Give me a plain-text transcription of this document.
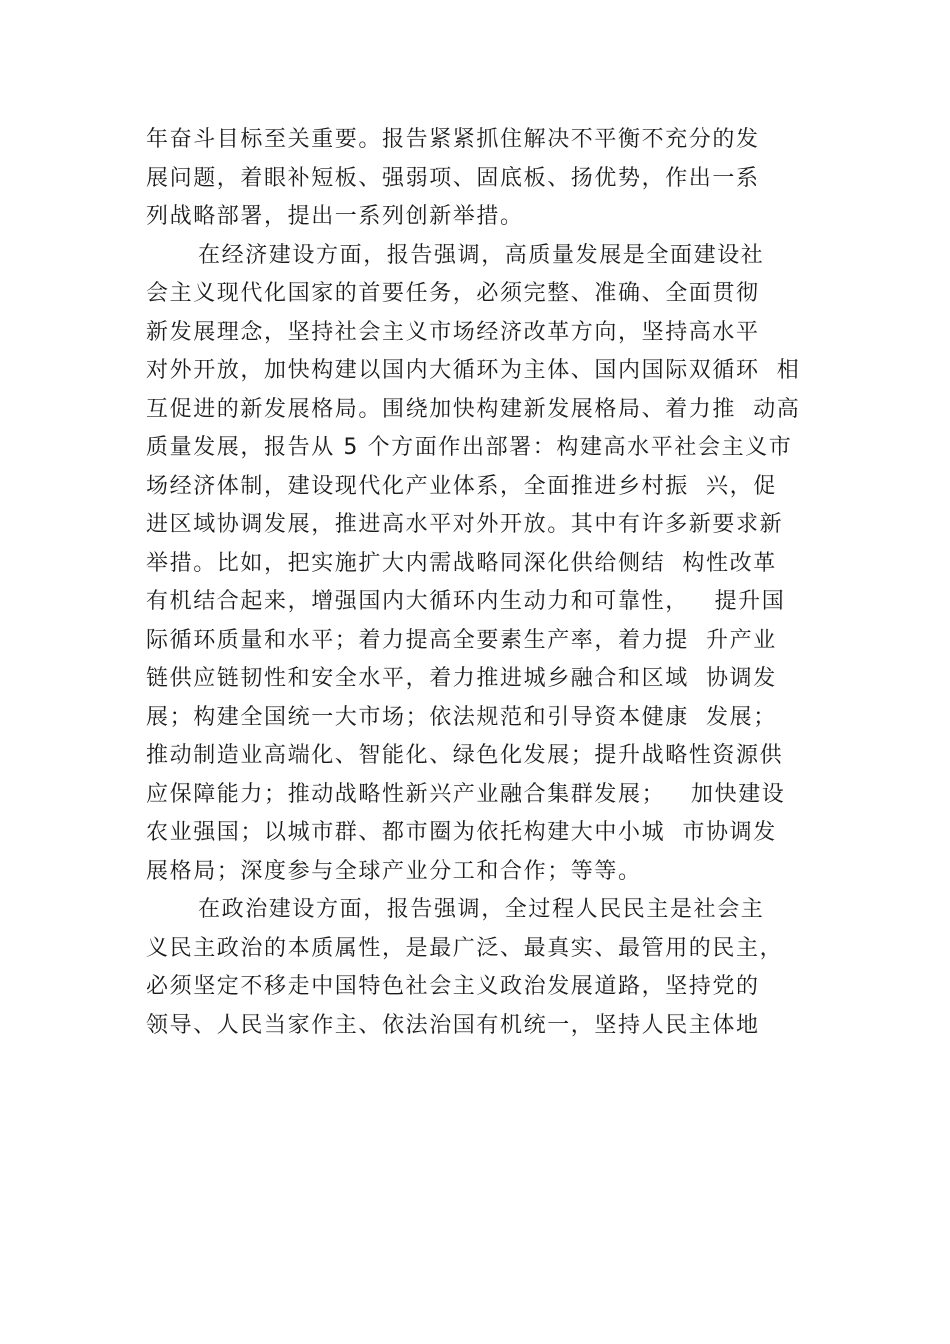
年奋斗目标至关重要。报告紧紧抓住解决不平衡不充分的发
展问题，着眼补短板、强弱项、固底板、扬优势，作出一系
列战略部署，提出一系列创新举措。
在经济建设方面，报告强调，高质量发展是全面建设社
会主义现代化国家的首要任务，必须完整、准确、全面贯彻
新发展理念，坚持社会主义市场经济改革方向，坚持高水平
对外开放，加快构建以国内大循环为主体、国内国际双循环  相
互促进的新发展格局。围绕加快构建新发展格局、着力推  动高
质量发展，报告从 5 个方面作出部署：构建高水平社会主义市
场经济体制，建设现代化产业体系，全面推进乡村振  兴，促
进区域协调发展，推进高水平对外开放。其中有许多新要求新
举措。比如，把实施扩大内需战略同深化供给侧结  构性改革
有机结合起来，增强国内大循环内生动力和可靠性，   提升国
际循环质量和水平；着力提高全要素生产率，着力提  升产业
链供应链韧性和安全水平，着力推进城乡融合和区域  协调发
展；构建全国统一大市场；依法规范和引导资本健康  发展；
推动制造业高端化、智能化、绿色化发展；提升战略性资源供
应保障能力；推动战略性新兴产业融合集群发展；   加快建设
农业强国；以城市群、都市圈为依托构建大中小城  市协调发
展格局；深度参与全球产业分工和合作；等等。
在政治建设方面，报告强调，全过程人民民主是社会主
义民主政治的本质属性，是最广泛、最真实、最管用的民主，
必须坚定不移走中国特色社会主义政治发展道路，坚持党的
领导、人民当家作主、依法治国有机统一，坚持人民主体地
